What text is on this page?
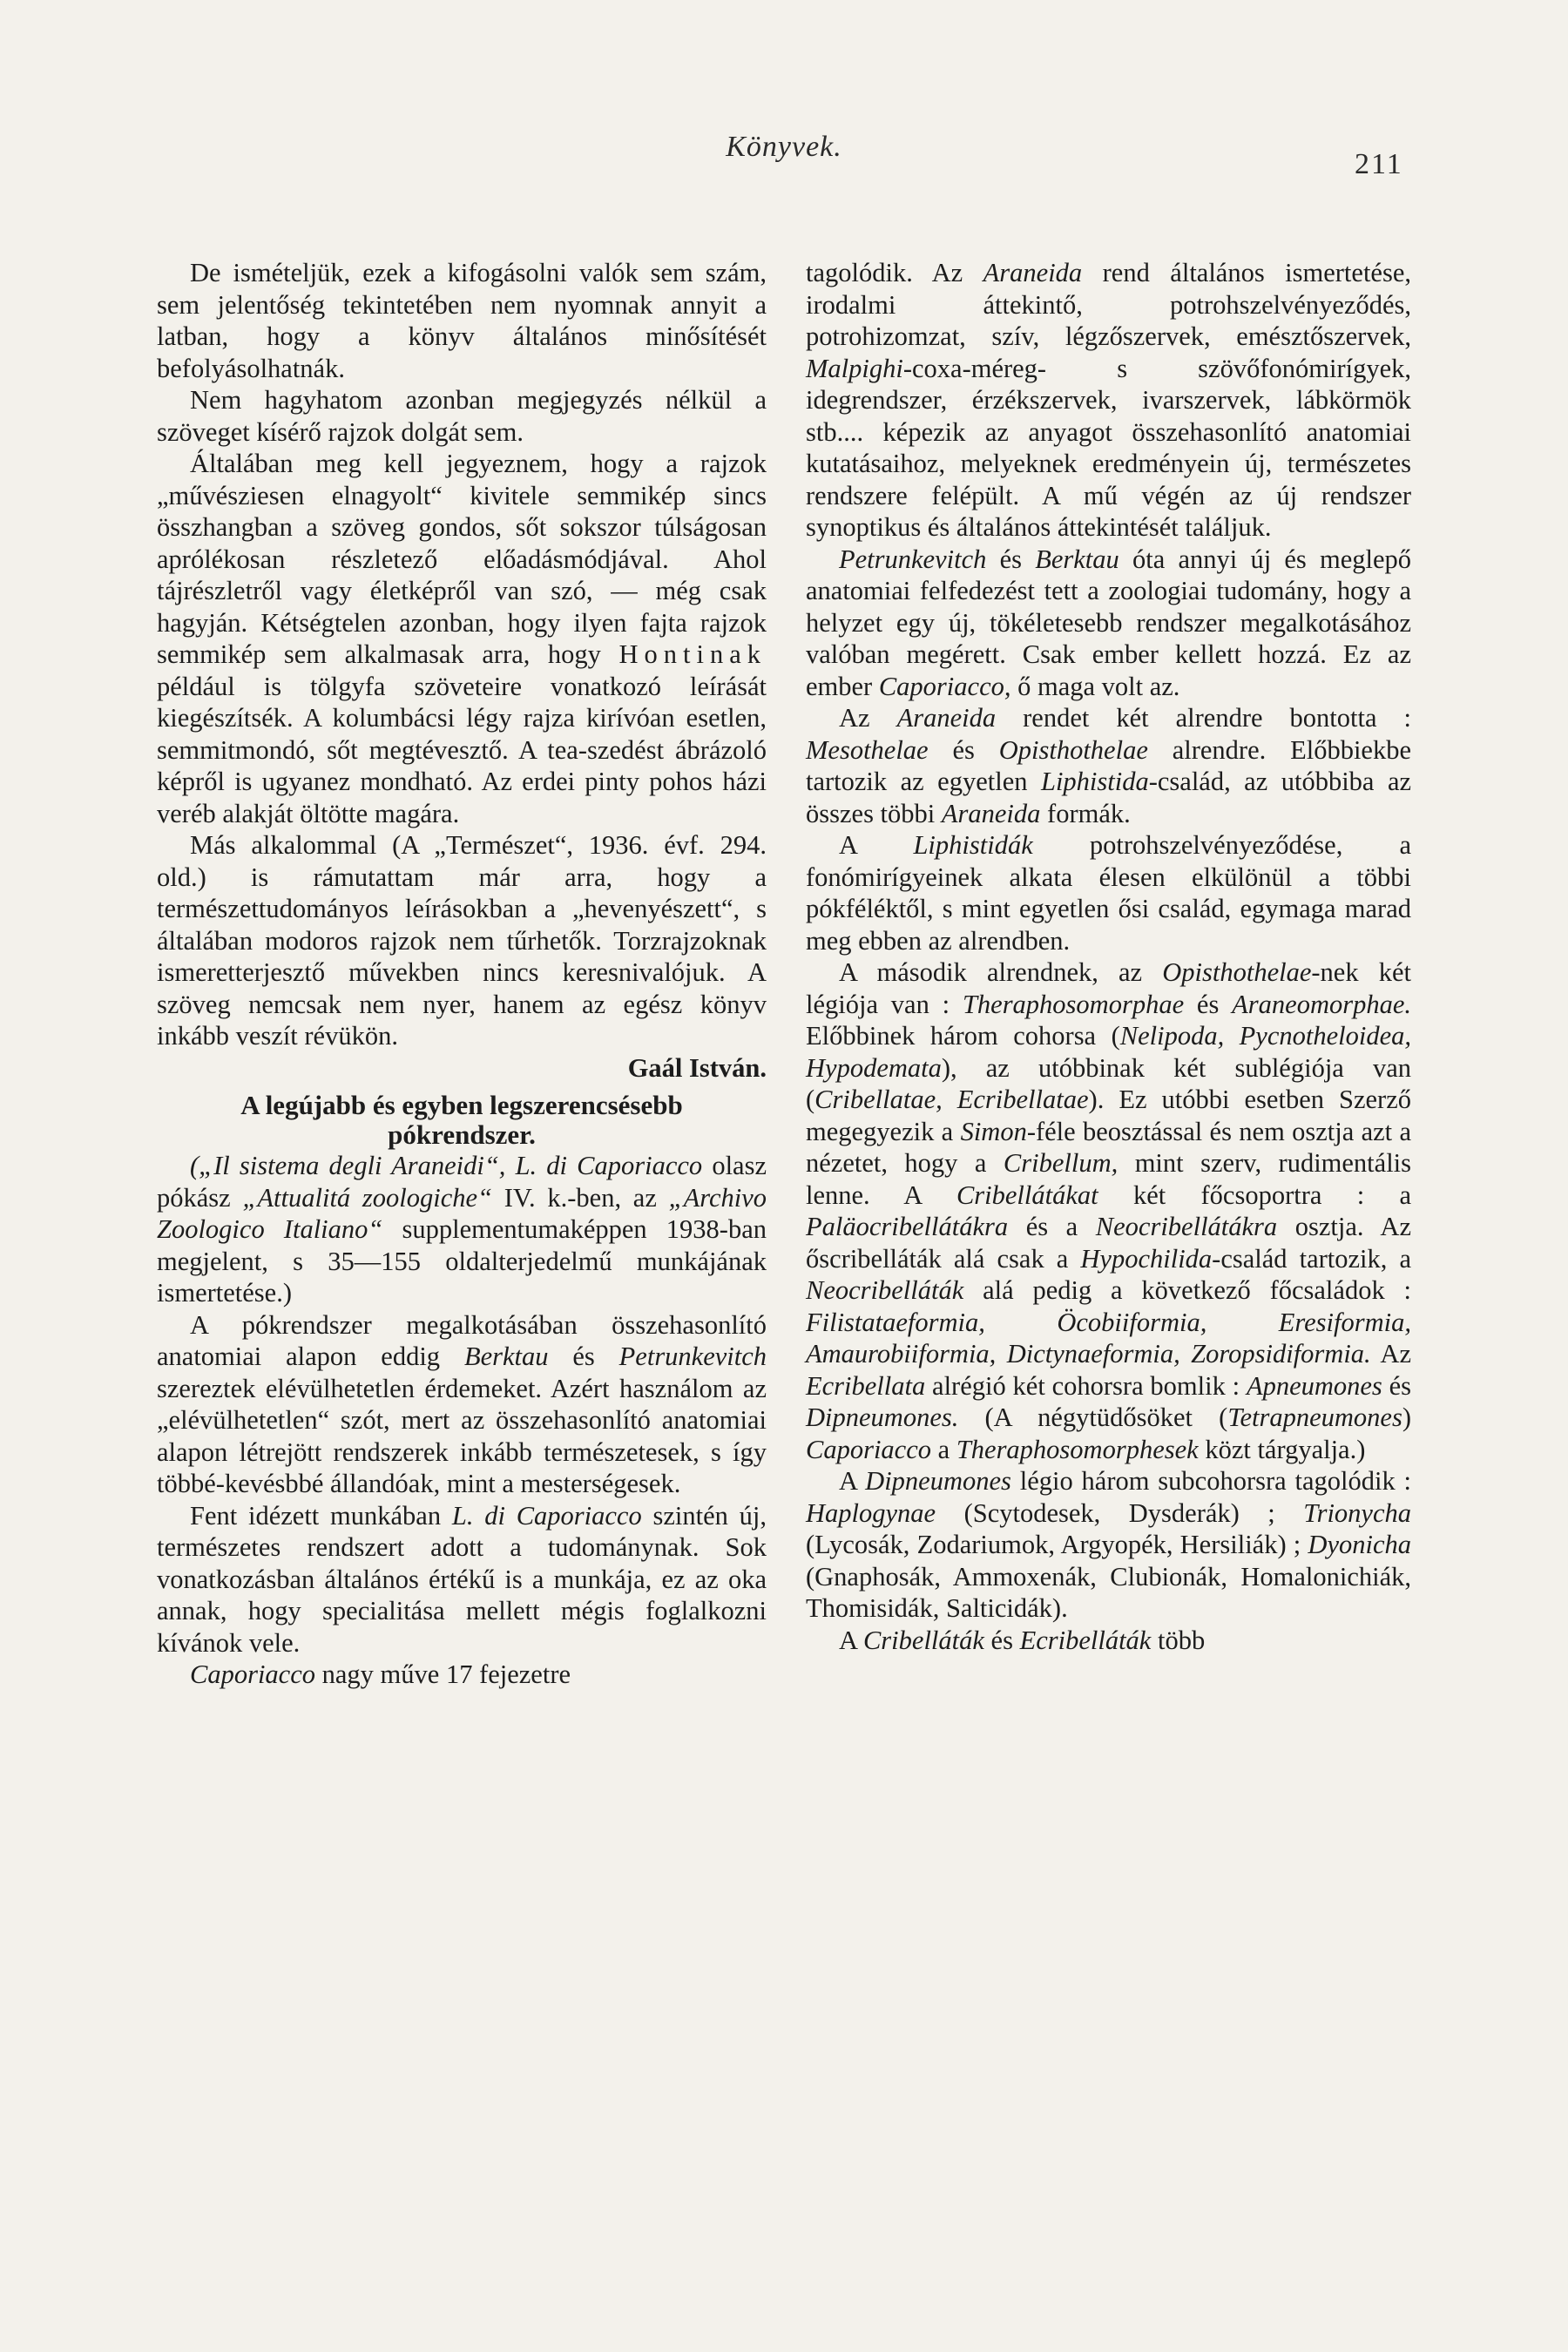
Könyvek.
211

De ismételjük, ezek a kifogásolni valók sem szám, sem jelentőség tekintetében nem nyomnak annyit a latban, hogy a könyv általános minősítését befolyásolhatnák.

Nem hagyhatom azonban megjegyzés nélkül a szöveget kísérő rajzok dolgát sem.

Általában meg kell jegyeznem, hogy a rajzok „művésziesen elnagyolt“ kivitele semmikép sincs összhangban a szöveg gondos, sőt sokszor túlságosan aprólékosan részletező előadásmódjával. Ahol tájrészletről vagy életképről van szó, — még csak hagyján. Kétségtelen azonban, hogy ilyen fajta rajzok semmikép sem alkalmasak arra, hogy Hontinak például is tölgyfa szöveteire vonatkozó leírását kiegészítsék. A kolumbácsi légy rajza kirívóan esetlen, semmitmondó, sőt megtévesztő. A tea-szedést ábrázoló képről is ugyanez mondható. Az erdei pinty pohos házi veréb alakját öltötte magára.

Más alkalommal (A „Természet“, 1936. évf. 294. old.) is rámutattam már arra, hogy a természettudományos leírásokban a „hevenyészett“, s általában modoros rajzok nem tűrhetők. Torzrajzoknak ismeretterjesztő művekben nincs keresnivalójuk. A szöveg nemcsak nem nyer, hanem az egész könyv inkább veszít révükön.

Gaál István.

A legújabb és egyben legszerencsésebb
pókrendszer.

(„Il sistema degli Araneidi“, L. di Caporiacco olasz pókász „Attualitá zoologiche“ IV. k.-ben, az „Archivo Zoologico Italiano“ supplementumaképpen 1938-ban megjelent, s 35—155 oldalterjedelmű munkájának ismertetése.)

A pókrendszer megalkotásában összehasonlító anatomiai alapon eddig Berktau és Petrunkevitch szereztek elévülhetetlen érdemeket. Azért használom az „elévülhetetlen“ szót, mert az összehasonlító anatomiai alapon létrejött rendszerek inkább természetesek, s így többé-kevésbbé állandóak, mint a mesterségesek.

Fent idézett munkában L. di Caporiacco szintén új, természetes rendszert adott a tudománynak. Sok vonatkozásban általános értékű is a munkája, ez az oka annak, hogy specialitása mellett mégis foglalkozni kívánok vele.

Caporiacco nagy műve 17 fejezetre

tagolódik. Az Araneida rend általános ismertetése, irodalmi áttekintő, potrohszelvényeződés, potrohizomzat, szív, légzőszervek, emésztőszervek, Malpighi-coxa-méreg- s szövőfonómirígyek, idegrendszer, érzékszervek, ivarszervek, lábkörmök stb.... képezik az anyagot összehasonlító anatomiai kutatásaihoz, melyeknek eredményein új, természetes rendszere felépült. A mű végén az új rendszer synoptikus és általános áttekintését találjuk.

Petrunkevitch és Berktau óta annyi új és meglepő anatomiai felfedezést tett a zoologiai tudomány, hogy a helyzet egy új, tökéletesebb rendszer megalkotásához valóban megérett. Csak ember kellett hozzá. Ez az ember Caporiacco, ő maga volt az.

Az Araneida rendet két alrendre bontotta : Mesothelae és Opisthothelae alrendre. Előbbiekbe tartozik az egyetlen Liphistida-család, az utóbbiba az összes többi Araneida formák.

A Liphistidák potrohszelvényeződése, a fonómirígyeinek alkata élesen elkülönül a többi pókféléktől, s mint egyetlen ősi család, egymaga marad meg ebben az alrendben.

A második alrendnek, az Opisthothelae-nek két légiója van : Theraphosomorphae és Araneomorphae. Előbbinek három cohorsa (Nelipoda, Pycnotheloidea, Hypodemata), az utóbbinak két sublégiója van (Cribellatae, Ecribellatae). Ez utóbbi esetben Szerző megegyezik a Simon-féle beosztással és nem osztja azt a nézetet, hogy a Cribellum, mint szerv, rudimentális lenne. A Cribellátákat két főcsoportra : a Paläocribellátákra és a Neocribellátákra osztja. Az őscribelláták alá csak a Hypochilida-család tartozik, a Neocribelláták alá pedig a következő főcsaládok : Filistataeformia, Öcobiiformia, Eresiformia, Amaurobiiformia, Dictynaeformia, Zoropsidiformia. Az Ecribellata alrégió két cohorsra bomlik : Apneumones és Dipneumones. (A négytüdősöket (Tetrapneumones) Caporiacco a Theraphosomorphesek közt tárgyalja.)

A Dipneumones légio három subcohorsra tagolódik : Haplogynae (Scytodesek, Dysderák) ; Trionycha (Lycosák, Zodariumok, Argyopék, Hersiliák) ; Dyonicha (Gnaphosák, Ammoxenák, Clubionák, Homalonichiák, Thomisidák, Salticidák).

A Cribelláták és Ecribelláták több
